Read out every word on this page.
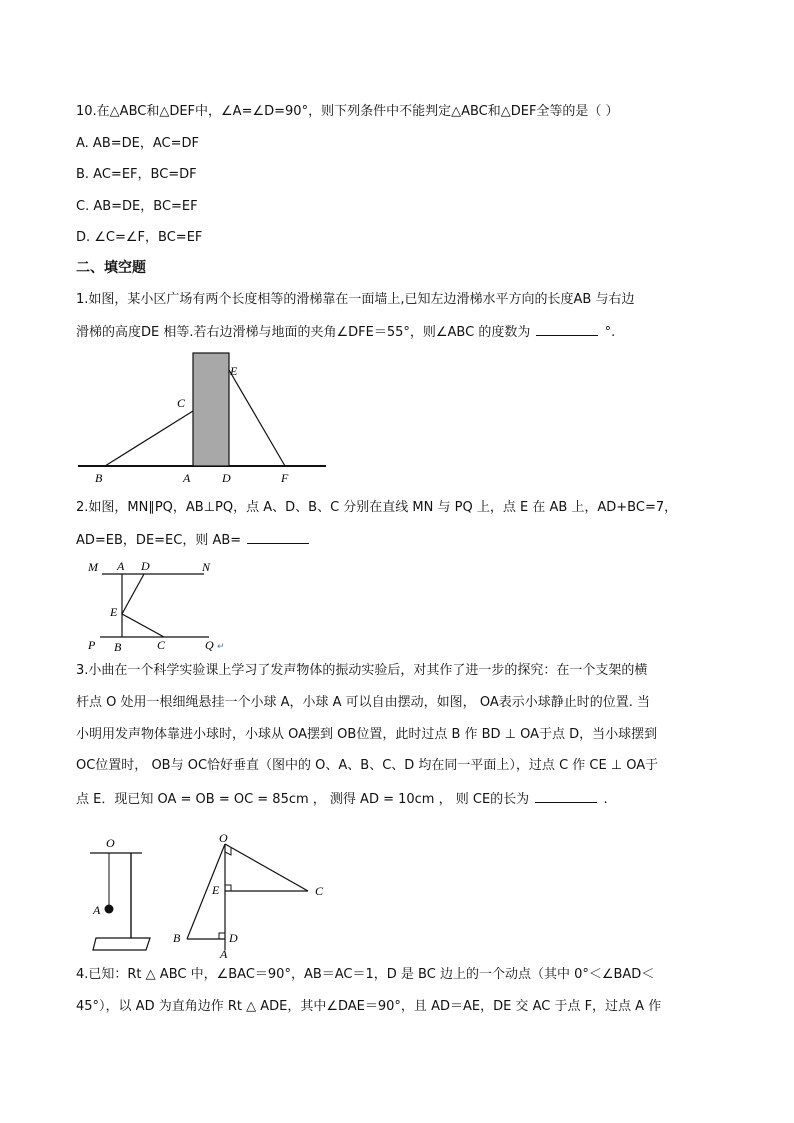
10.在△ABC和△DEF中，∠A=∠D=90°，则下列条件中不能判定△ABC和△DEF全等的是（ ）
A. AB=DE，AC=DF
B. AC=EF，BC=DF
C. AB=DE，BC=EF
D. ∠C=∠F，BC=EF
二、填空题
1.如图，某小区广场有两个长度相等的滑梯靠在一面墙上,已知左边滑梯水平方向的长度AB 与右边
滑梯的高度DE 相等.若右边滑梯与地面的夹角∠DFE＝55°，则∠ABC 的度数为	°.
B	A	D	F
C
E
2.如图，MN∥PQ，AB⊥PQ，点 A、D、B、C 分别在直线 MN 与 PQ 上，点 E 在 AB 上，AD+BC=7，
AD=EB，DE=EC，则 AB=
M A D	N
E
P B	C	Q ↵
3.小曲在一个科学实验课上学习了发声物体的振动实验后，对其作了进一步的探究：在一个支架的横
杆点 O 处用一根细绳悬挂一个小球 A，小球 A 可以自由摆动，如图， OA表示小球静止时的位置. 当
小明用发声物体靠进小球时，小球从 OA摆到 OB位置，此时过点 B 作 BD ⊥ OA于点 D，当小球摆到
OC位置时， OB与 OC恰好垂直（图中的 O、A、B、C、D 均在同一平面上），过点 C 作 CE ⊥ OA于
点 E．现已知 OA = OB = OC = 85cm ， 测得 AD = 10cm ， 则 CE的长为	.
O
A
O
E	C
B	D
A
4.已知：Rt △ ABC 中，∠BAC＝90°，AB＝AC＝1，D 是 BC 边上的一个动点（其中 0°＜∠BAD＜
45°），以 AD 为直角边作 Rt △ ADE，其中∠DAE＝90°，且 AD＝AE，DE 交 AC 于点 F，过点 A 作
